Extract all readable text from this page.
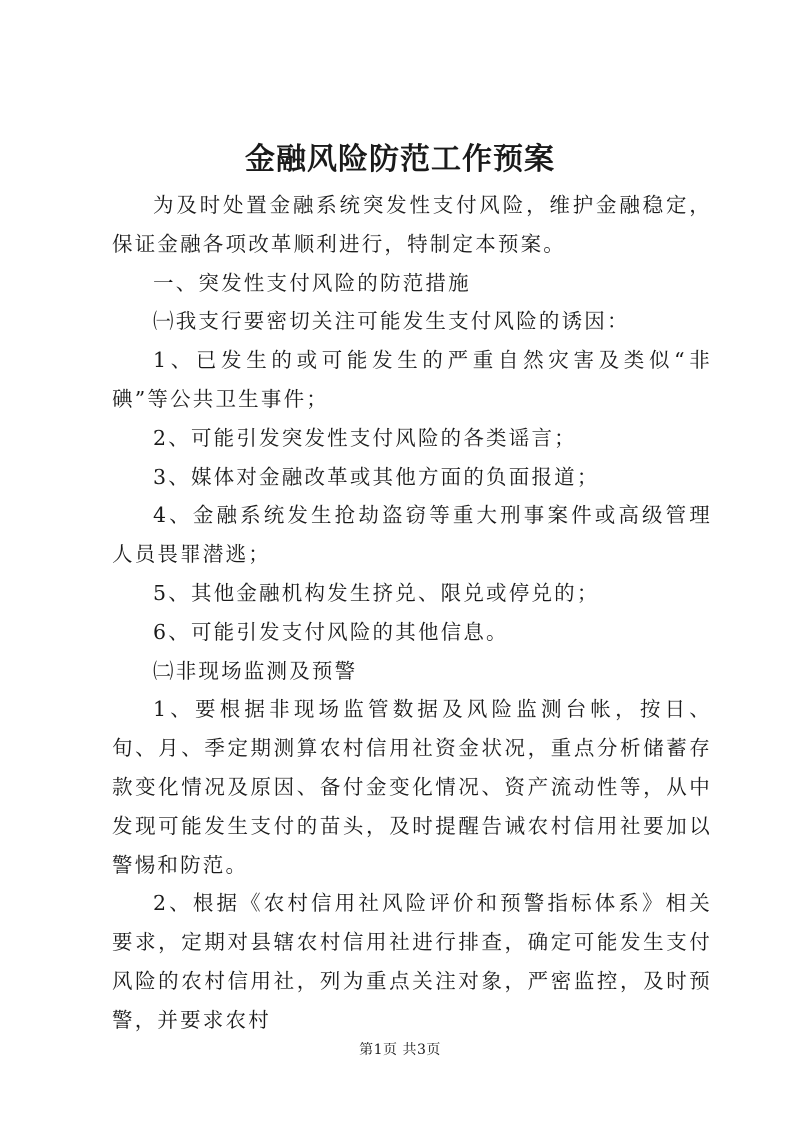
金融风险防范工作预案

为及时处置金融系统突发性支付风险，维护金融稳定，保证金融各项改革顺利进行，特制定本预案。

一、突发性支付风险的防范措施

㈠我支行要密切关注可能发生支付风险的诱因：

1、已发生的或可能发生的严重自然灾害及类似“非碘”等公共卫生事件；

2、可能引发突发性支付风险的各类谣言；

3、媒体对金融改革或其他方面的负面报道；

4、金融系统发生抢劫盗窃等重大刑事案件或高级管理人员畏罪潜逃；

5、其他金融机构发生挤兑、限兑或停兑的；

6、可能引发支付风险的其他信息。

㈡非现场监测及预警

1、要根据非现场监管数据及风险监测台帐，按日、旬、月、季定期测算农村信用社资金状况，重点分析储蓄存款变化情况及原因、备付金变化情况、资产流动性等，从中发现可能发生支付的苗头，及时提醒告诫农村信用社要加以警惕和防范。

2、根据《农村信用社风险评价和预警指标体系》相关要求，定期对县辖农村信用社进行排查，确定可能发生支付风险的农村信用社，列为重点关注对象，严密监控，及时预警，并要求农村

第1页 共3页
